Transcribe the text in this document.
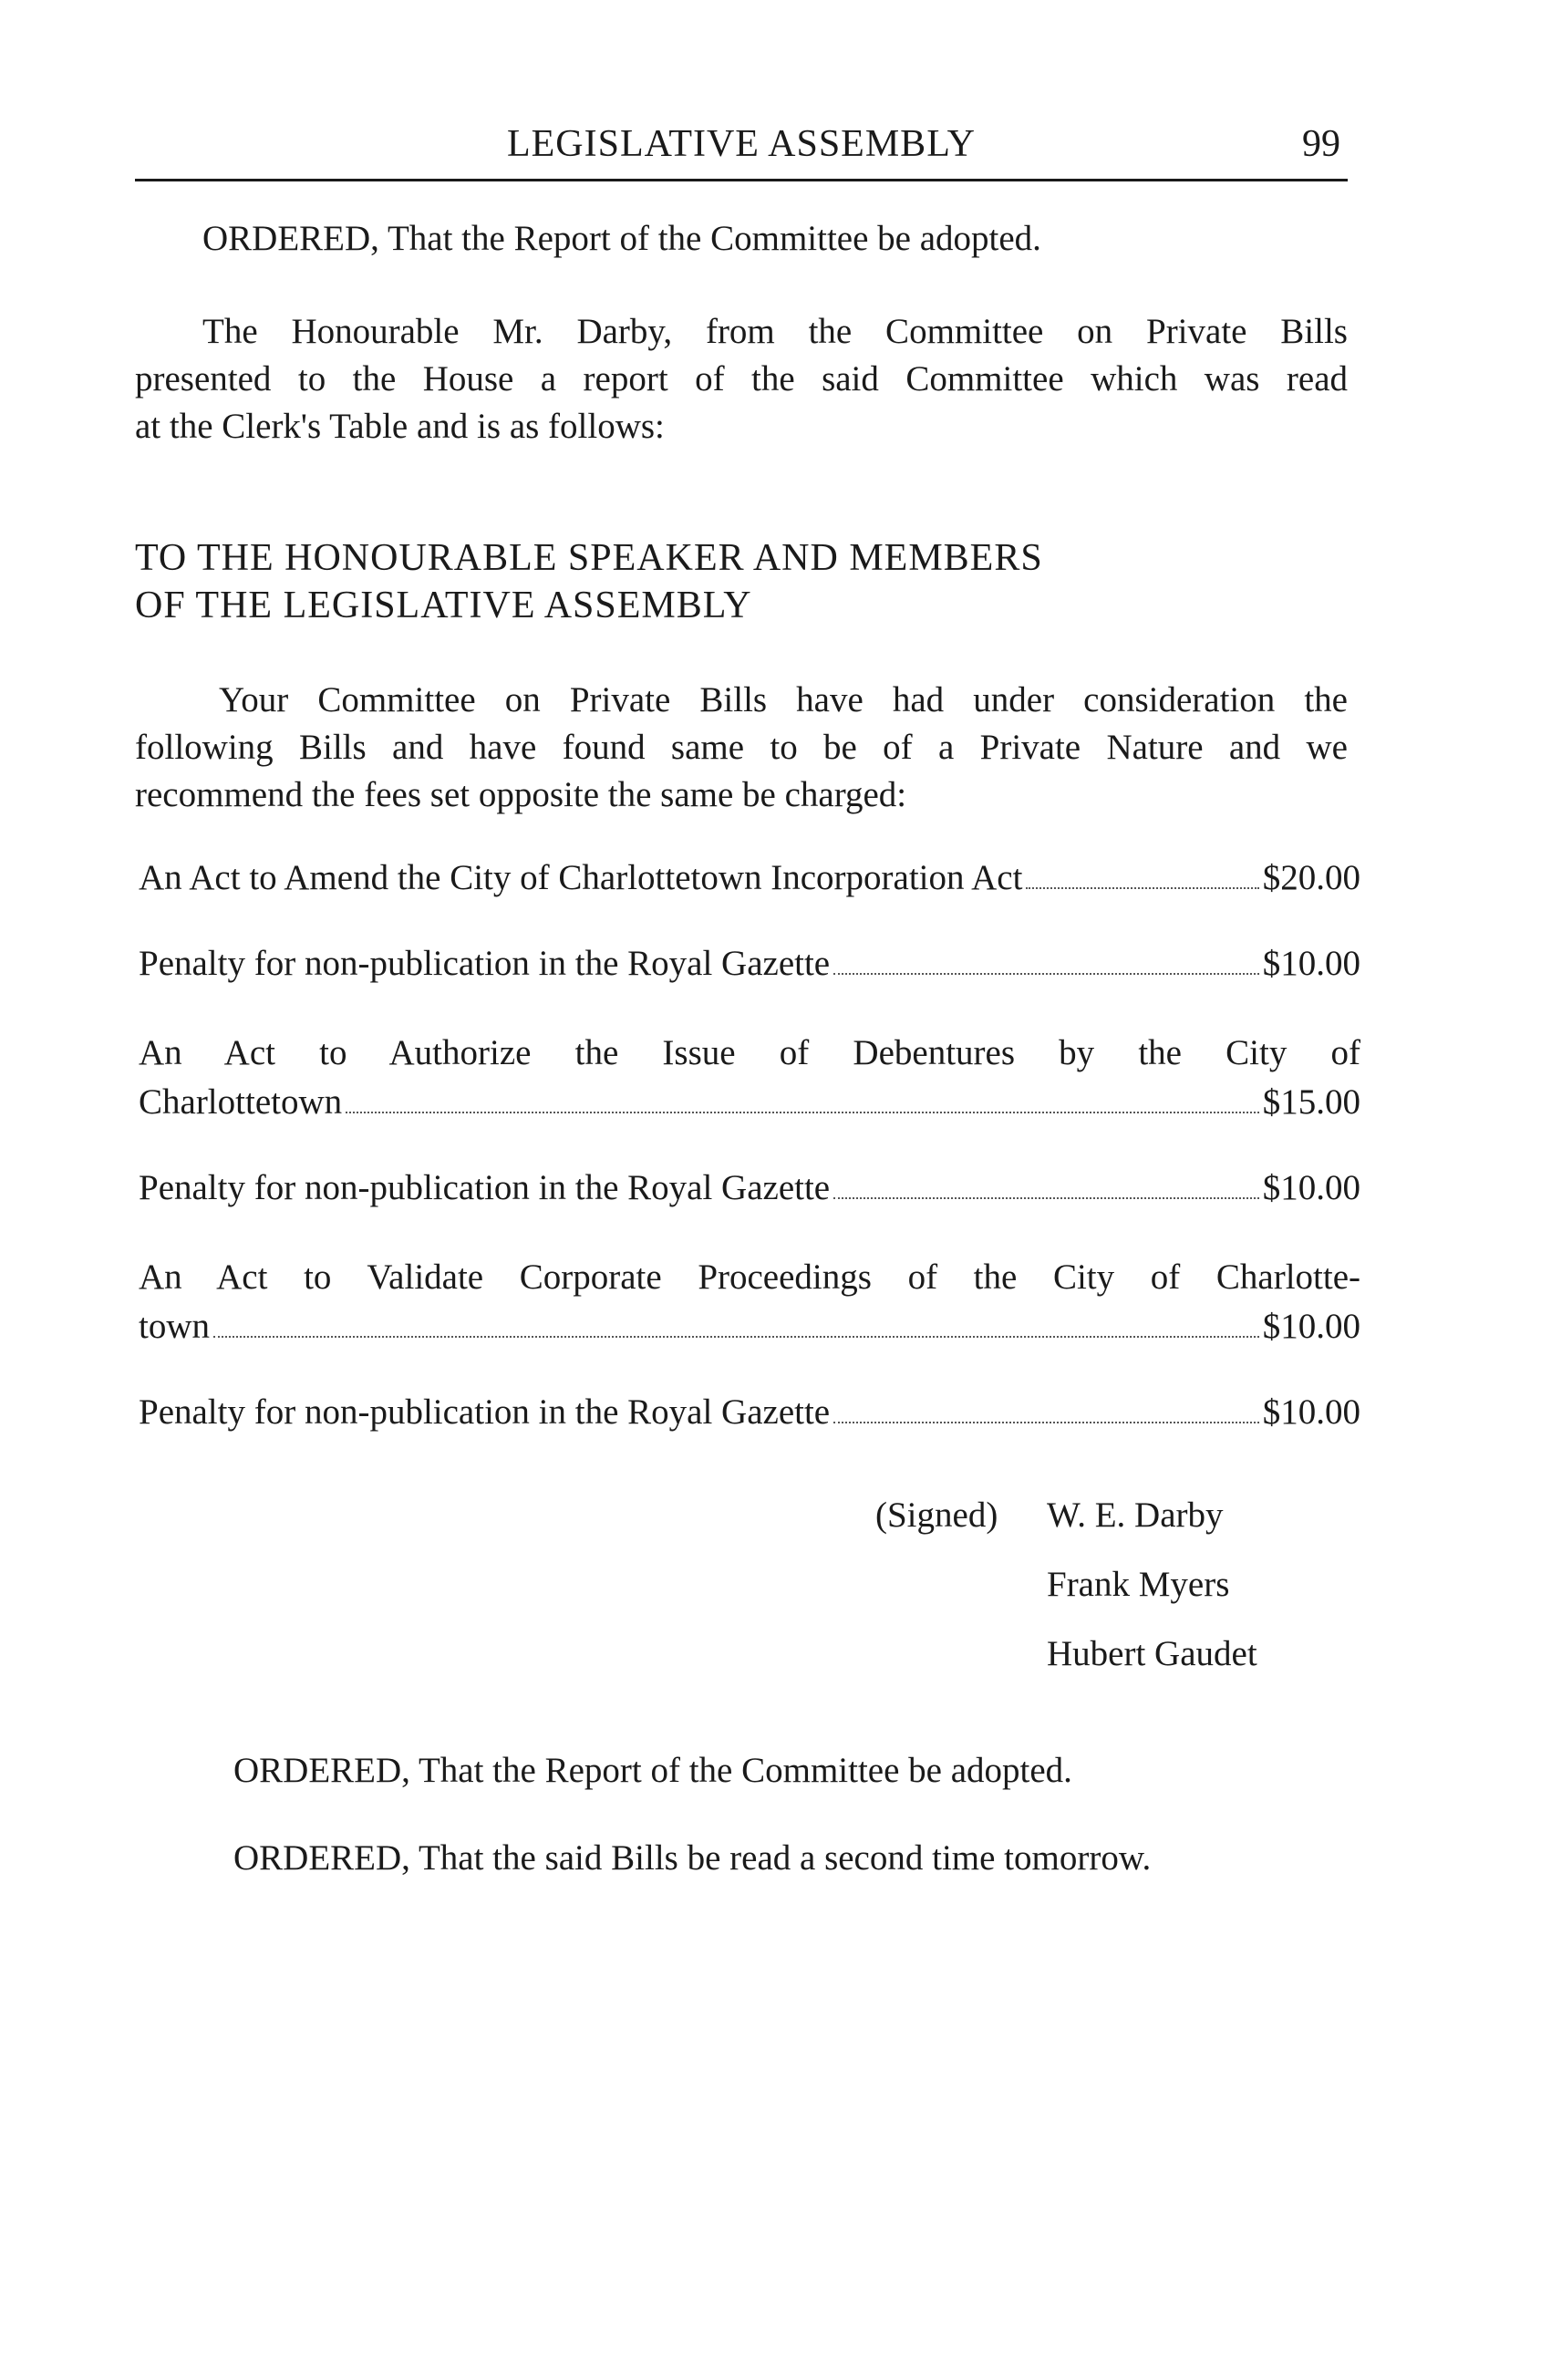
LEGISLATIVE ASSEMBLY	99
ORDERED, That the Report of the Committee be adopted.
The Honourable Mr. Darby, from the Committee on Private Bills
presented to the House a report of the said Committee which was read
at the Clerk's Table and is as follows:
TO THE HONOURABLE SPEAKER AND MEMBERS
OF THE LEGISLATIVE ASSEMBLY
Your Committee on Private Bills have had under consideration the
following Bills and have found same to be of a Private Nature and we
recommend the fees set opposite the same be charged:
An Act to Amend the City of Charlottetown Incorporation Act	$20.00
Penalty for non-publication in the Royal Gazette	$10.00
An Act to Authorize the Issue of Debentures by the City of
Charlottetown	$15.00
Penalty for non-publication in the Royal Gazette	$10.00
An Act to Validate Corporate Proceedings of the City of Charlotte-
town	$10.00
Penalty for non-publication in the Royal Gazette	$10.00
(Signed) W. E. Darby
Frank Myers
Hubert Gaudet
ORDERED, That the Report of the Committee be adopted.
ORDERED, That the said Bills be read a second time tomorrow.
